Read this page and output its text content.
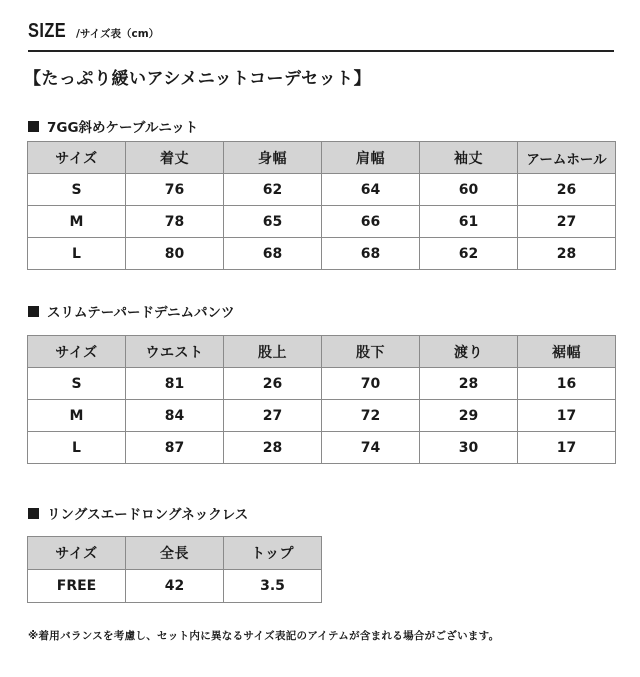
SIZE /サイズ表（cm）
【たっぷり緩いアシメニットコーデセット】
7GG斜めケーブルニット
サイズ	着丈	身幅	肩幅	袖丈	アームホール
S	76	62	64	60	26
M	78	65	66	61	27
L	80	68	68	62	28
スリムテーパードデニムパンツ
サイズ	ウエスト	股上	股下	渡り	裾幅
S	81	26	70	28	16
M	84	27	72	29	17
L	87	28	74	30	17
リングスエードロングネックレス
サイズ	全長	トップ
FREE	42	3.5
※着用バランスを考慮し、セット内に異なるサイズ表記のアイテムが含まれる場合がございます。
